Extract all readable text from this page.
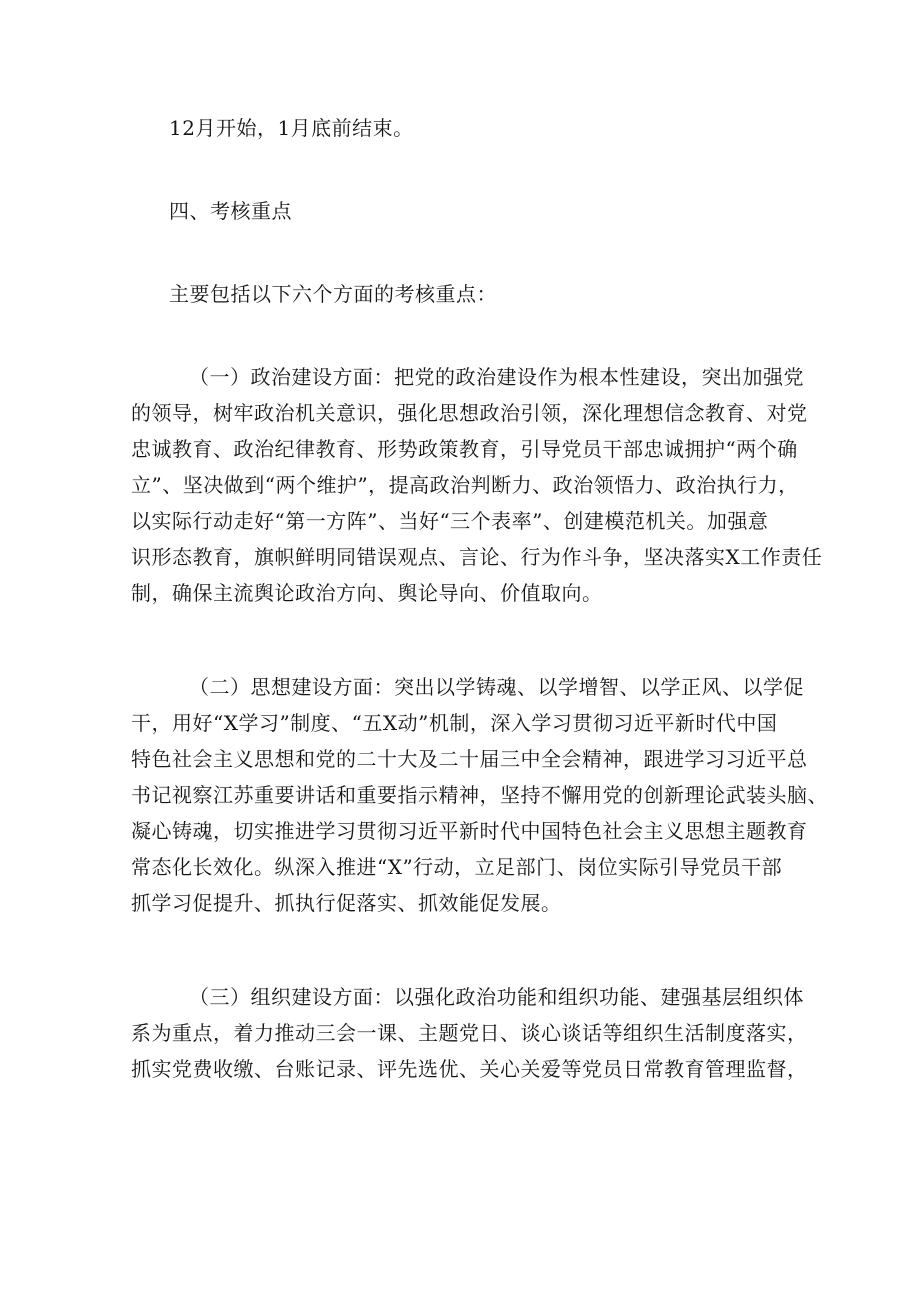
12月开始，1月底前结束。

四、考核重点

主要包括以下六个方面的考核重点：

（一）政治建设方面：把党的政治建设作为根本性建设，突出加强党
的领导，树牢政治机关意识，强化思想政治引领，深化理想信念教育、对党
忠诚教育、政治纪律教育、形势政策教育，引导党员干部忠诚拥护“两个确
立”、坚决做到“两个维护”，提高政治判断力、政治领悟力、政治执行力，
以实际行动走好“第一方阵”、当好“三个表率”、创建模范机关。加强意
识形态教育，旗帜鲜明同错误观点、言论、行为作斗争，坚决落实X工作责任
制，确保主流舆论政治方向、舆论导向、价值取向。

（二）思想建设方面：突出以学铸魂、以学增智、以学正风、以学促
干，用好“X学习”制度、“五X动”机制，深入学习贯彻习近平新时代中国
特色社会主义思想和党的二十大及二十届三中全会精神，跟进学习习近平总
书记视察江苏重要讲话和重要指示精神，坚持不懈用党的创新理论武装头脑、
凝心铸魂，切实推进学习贯彻习近平新时代中国特色社会主义思想主题教育
常态化长效化。纵深入推进“X”行动，立足部门、岗位实际引导党员干部
抓学习促提升、抓执行促落实、抓效能促发展。

（三）组织建设方面：以强化政治功能和组织功能、建强基层组织体
系为重点，着力推动三会一课、主题党日、谈心谈话等组织生活制度落实，
抓实党费收缴、台账记录、评先选优、关心关爱等党员日常教育管理监督，
